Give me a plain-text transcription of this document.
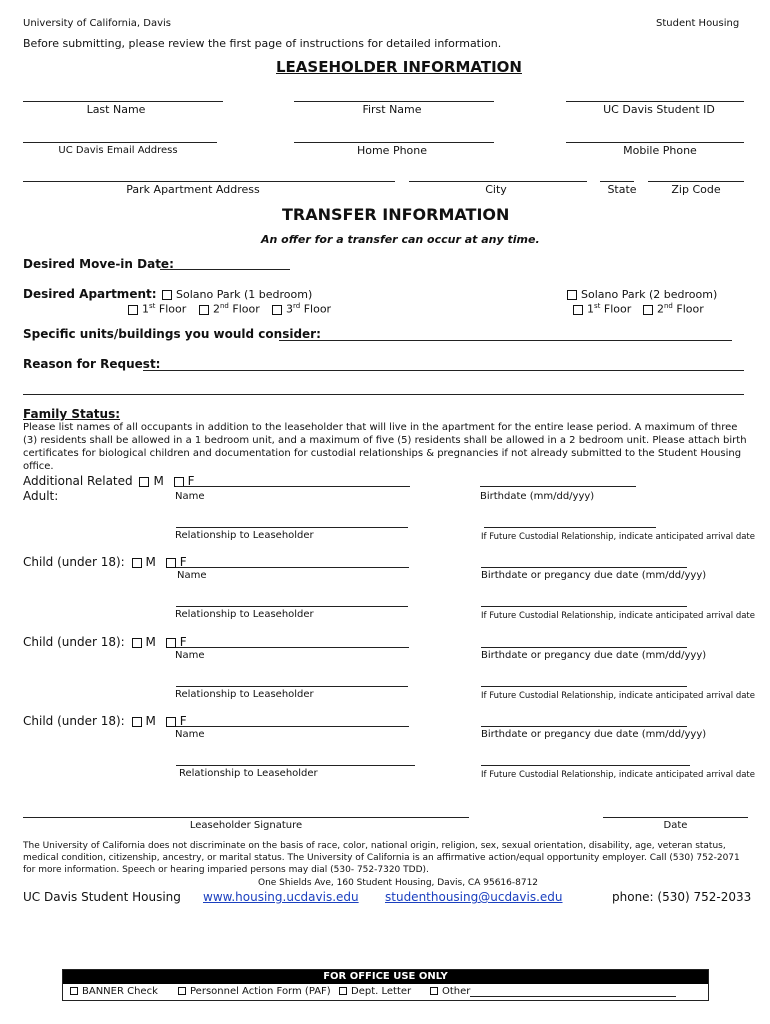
University of California, Davis	Student Housing
Before submitting, please review the first page of instructions for detailed information.
LEASEHOLDER INFORMATION
Last Name	First Name	UC Davis Student ID
UC Davis Email Address	Home Phone	Mobile Phone
Park Apartment Address	City	State	Zip Code
TRANSFER INFORMATION
An offer for a transfer can occur at any time.
Desired Move-in Date:
Desired Apartment:	Solano Park (1 bedroom)	Solano Park (2 bedroom)
1st Floor	2nd Floor	3rd Floor	1st Floor	2nd Floor
Specific units/buildings you would consider:
Reason for Request:
Family Status:
Please list names of all occupants in addition to the leaseholder that will live in the apartment for the entire lease period. A maximum of three (3) residents shall be allowed in a 1 bedroom unit, and a maximum of five (5) residents shall be allowed in a 2 bedroom unit. Please attach birth certificates for biological children and documentation for custodial relationships & pregnancies if not already submitted to the Student Housing office.
Additional Related M F
Adult:	Name	Birthdate (mm/dd/yyy)
Relationship to Leaseholder	If Future Custodial Relationship, indicate anticipated arrival date
Child (under 18): M F
Name	Birthdate or pregancy due date (mm/dd/yyy)
Relationship to Leaseholder	If Future Custodial Relationship, indicate anticipated arrival date
Child (under 18): M F
Name	Birthdate or pregancy due date (mm/dd/yyy)
Relationship to Leaseholder	If Future Custodial Relationship, indicate anticipated arrival date
Child (under 18): M F
Name	Birthdate or pregancy due date (mm/dd/yyy)
Relationship to Leaseholder	If Future Custodial Relationship, indicate anticipated arrival date
Leaseholder Signature	Date
The University of California does not discriminate on the basis of race, color, national origin, religion, sex, sexual orientation, disability, age, veteran status, medical condition, citizenship, ancestry, or marital status. The University of California is an affirmative action/equal opportunity employer. Call (530) 752-2071 for more information. Speech or hearing imparied persons may dial (530- 752-7320 TDD).
One Shields Ave, 160 Student Housing, Davis, CA 95616-8712
UC Davis Student Housing www.housing.ucdavis.edu studenthousing@ucdavis.edu	phone: (530) 752-2033
FOR OFFICE USE ONLY
BANNER Check	Personnel Action Form (PAF)	Dept. Letter	Other
